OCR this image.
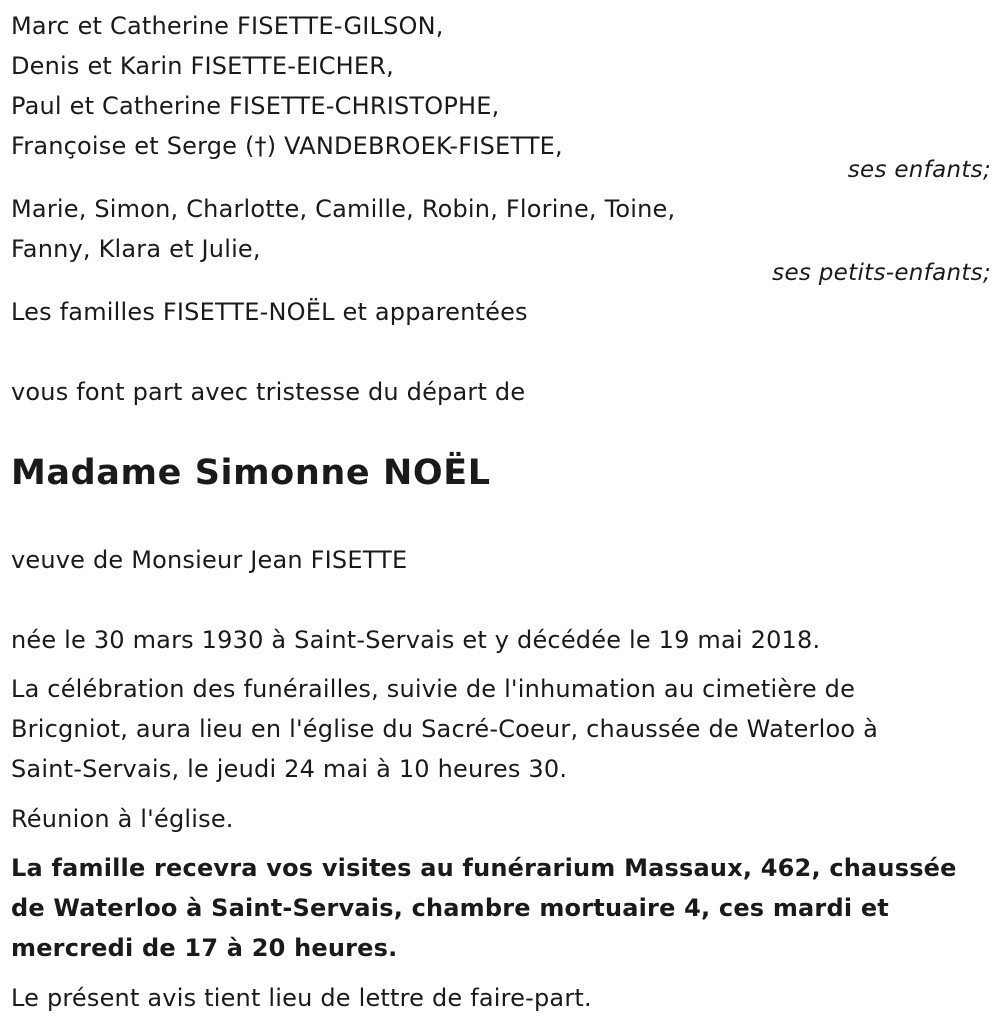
Marc et Catherine FISETTE-GILSON,
Denis et Karin FISETTE-EICHER,
Paul et Catherine FISETTE-CHRISTOPHE,
Françoise et Serge (†) VANDEBROEK-FISETTE,
ses enfants;
Marie, Simon, Charlotte, Camille, Robin, Florine, Toine,
Fanny, Klara et Julie,
ses petits-enfants;
Les familles FISETTE-NOËL et apparentées
vous font part avec tristesse du départ de
Madame Simonne NOËL
veuve de Monsieur Jean FISETTE
née le 30 mars 1930 à Saint-Servais et y décédée le 19 mai 2018.
La célébration des funérailles, suivie de l'inhumation au cimetière de
Bricgniot, aura lieu en l'église du Sacré-Coeur, chaussée de Waterloo à
Saint-Servais, le jeudi 24 mai à 10 heures 30.
Réunion à l'église.
La famille recevra vos visites au funérarium Massaux, 462, chaussée
de Waterloo à Saint-Servais, chambre mortuaire 4, ces mardi et
mercredi de 17 à 20 heures.
Le présent avis tient lieu de lettre de faire-part.
